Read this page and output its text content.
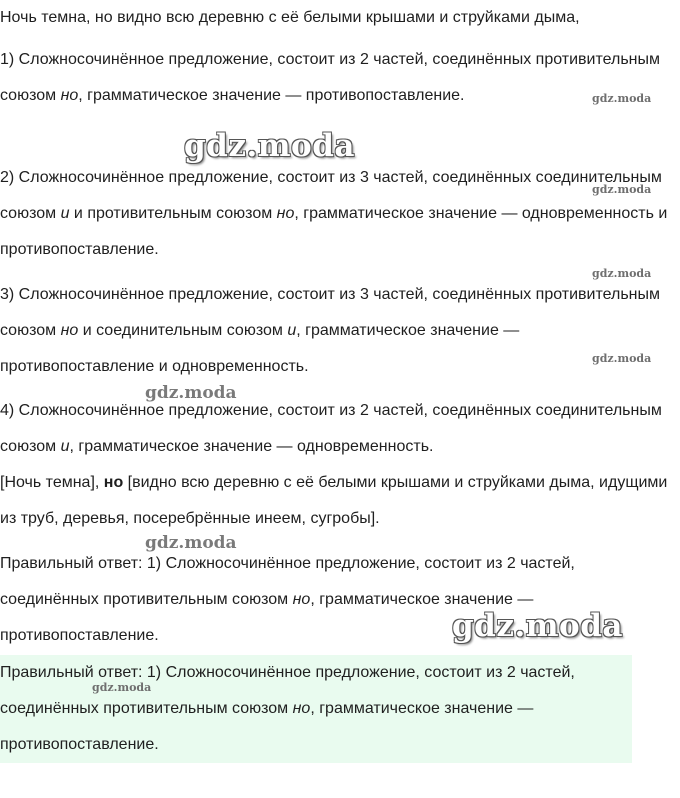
Ночь темна, но видно всю деревню с её белыми крышами и струйками дыма,

1) Сложносочинённое предложение, состоит из 2 частей, соединённых противительным союзом но, грамматическое значение — противопоставление.

2) Сложносочинённое предложение, состоит из 3 частей, соединённых соединительным союзом и и противительным союзом но, грамматическое значение — одновременность и противопоставление.

3) Сложносочинённое предложение, состоит из 3 частей, соединённых противительным союзом но и соединительным союзом и, грамматическое значение — противопоставление и одновременность.

4) Сложносочинённое предложение, состоит из 2 частей, соединённых соединительным союзом и, грамматическое значение — одновременность.

[Ночь темна], но [видно всю деревню с её белыми крышами и струйками дыма, идущими из труб, деревья, посеребрённые инеем, сугробы].

Правильный ответ: 1) Сложносочинённое предложение, состоит из 2 частей, соединённых противительным союзом но, грамматическое значение — противопоставление.

Правильный ответ: 1) Сложносочинённое предложение, состоит из 2 частей, соединённых противительным союзом но, грамматическое значение — противопоставление.

gdz.moda
gdz.moda
gdz.moda
gdz.moda
gdz.moda
gdz.moda
gdz.moda
gdz.moda
gdz.moda
